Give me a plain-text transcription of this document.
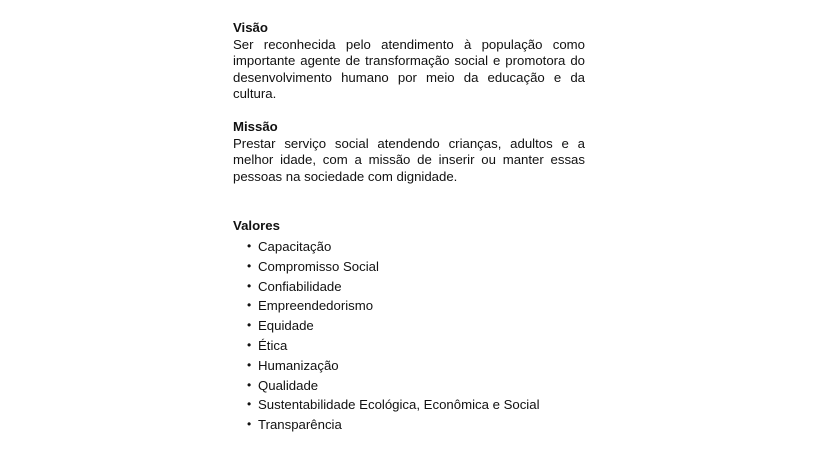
Visão

Ser reconhecida pelo atendimento à população como importante agente de transformação social e promotora do desenvolvimento humano por meio da educação e da cultura.

Missão

Prestar serviço social atendendo crianças, adultos e a melhor idade, com a missão de inserir ou manter essas pessoas na sociedade com dignidade.

Valores
• Capacitação
• Compromisso Social
• Confiabilidade
• Empreendedorismo
• Equidade
• Ética
• Humanização
• Qualidade
• Sustentabilidade Ecológica, Econômica e Social
• Transparência
